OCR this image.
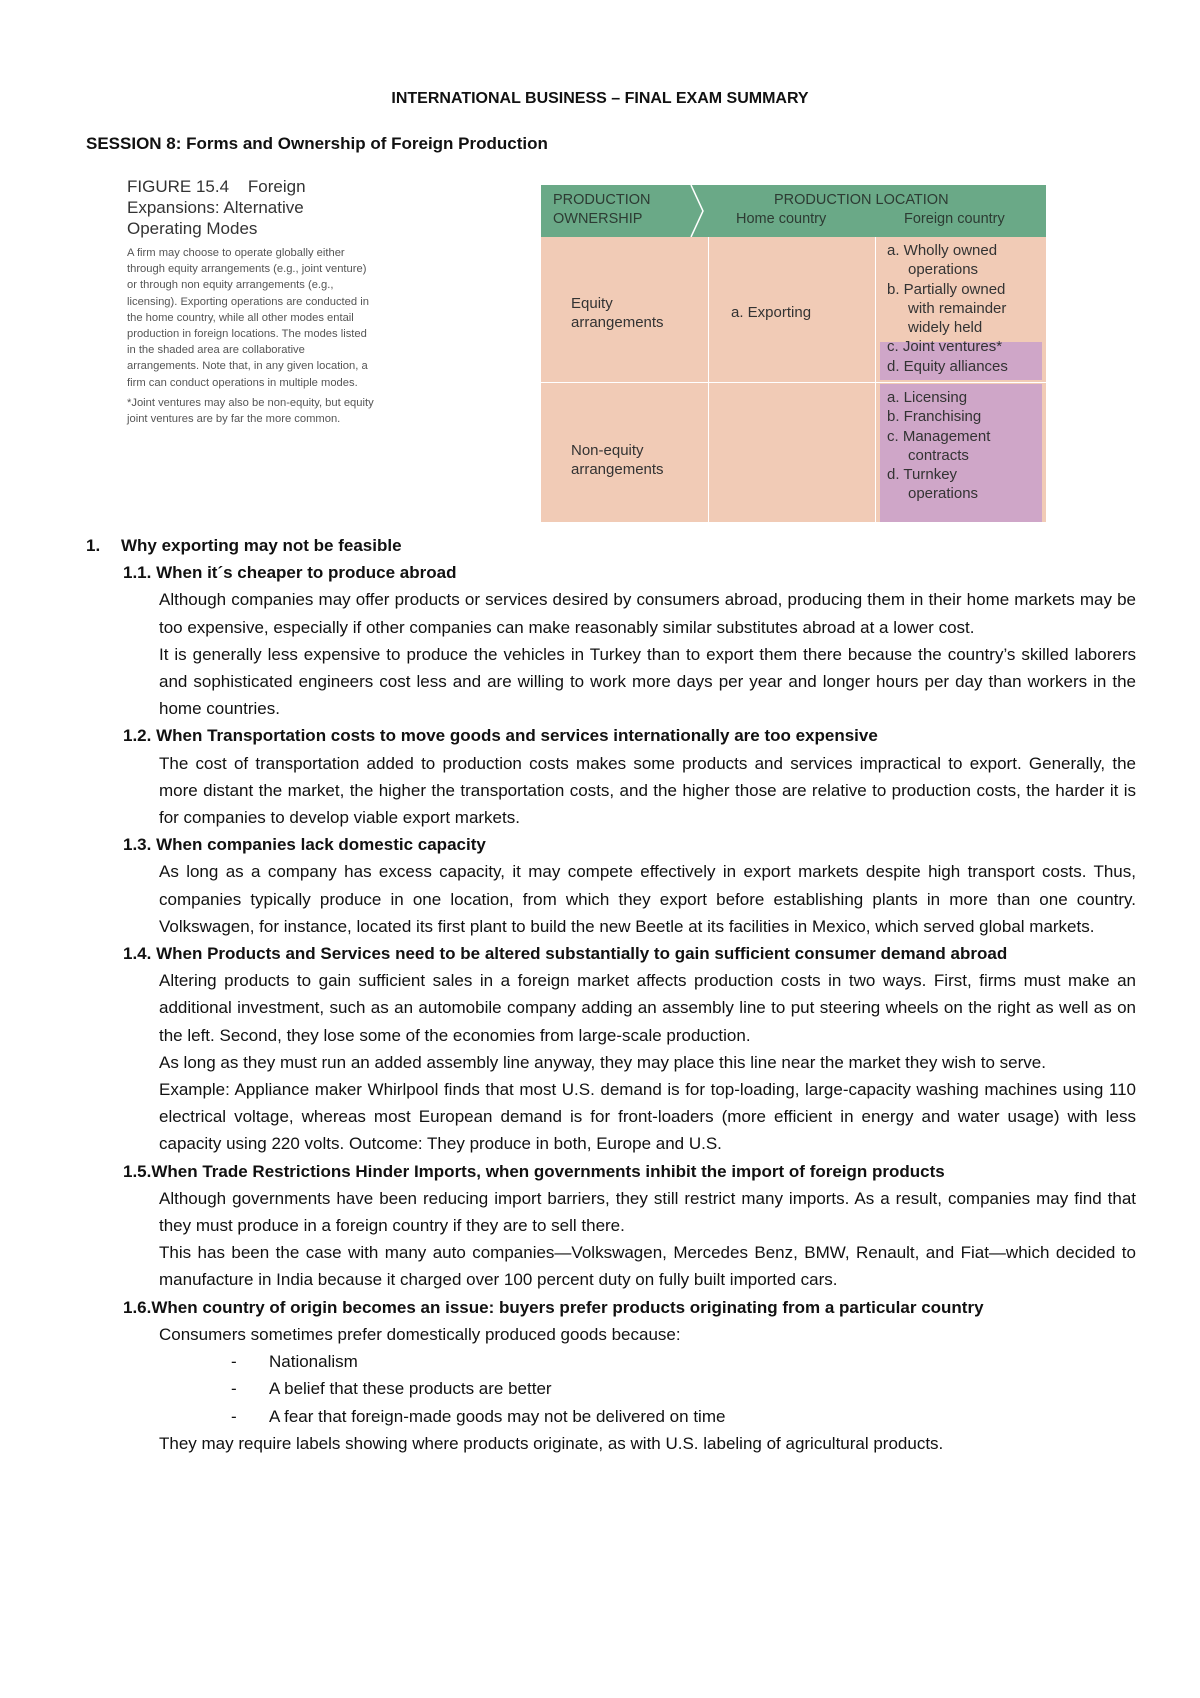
INTERNATIONAL BUSINESS – FINAL EXAM SUMMARY
SESSION 8: Forms and Ownership of Foreign Production
FIGURE 15.4    Foreign
Expansions: Alternative
Operating Modes

A firm may choose to operate globally either through equity arrangements (e.g., joint venture) or through non equity arrangements (e.g., licensing). Exporting operations are conducted in the home country, while all other modes entail production in foreign locations. The modes listed in the shaded area are collaborative arrangements. Note that, in any given location, a firm can conduct operations in multiple modes.

*Joint ventures may also be non-equity, but equity joint ventures are by far the more common.

PRODUCTION
OWNERSHIP
PRODUCTION LOCATION
Home country	Foreign country
Equity
arrangements
Non-equity
arrangements
a. Exporting
a. Wholly owned
operations
b. Partially owned
with remainder
widely held
c. Joint ventures*
d. Equity alliances
a. Licensing
b. Franchising
c. Management
contracts
d. Turnkey
operations
1. Why exporting may not be feasible
1.1. When it´s cheaper to produce abroad
Although companies may offer products or services desired by consumers abroad, producing them in their home markets may be too expensive, especially if other companies can make reasonably similar substitutes abroad at a lower cost.
It is generally less expensive to produce the vehicles in Turkey than to export them there because the country’s skilled laborers and sophisticated engineers cost less and are willing to work more days per year and longer hours per day than workers in the home countries.
1.2. When Transportation costs to move goods and services internationally are too expensive
The cost of transportation added to production costs makes some products and services impractical to export. Generally, the more distant the market, the higher the transportation costs, and the higher those are relative to production costs, the harder it is for companies to develop viable export markets.
1.3. When companies lack domestic capacity
As long as a company has excess capacity, it may compete effectively in export markets despite high transport costs. Thus, companies typically produce in one location, from which they export before establishing plants in more than one country. Volkswagen, for instance, located its first plant to build the new Beetle at its facilities in Mexico, which served global markets.
1.4. When Products and Services need to be altered substantially to gain sufficient consumer demand abroad
Altering products to gain sufficient sales in a foreign market affects production costs in two ways. First, firms must make an additional investment, such as an automobile company adding an assembly line to put steering wheels on the right as well as on the left. Second, they lose some of the economies from large-scale production.
As long as they must run an added assembly line anyway, they may place this line near the market they wish to serve.
Example: Appliance maker Whirlpool finds that most U.S. demand is for top-loading, large-capacity washing machines using 110 electrical voltage, whereas most European demand is for front-loaders (more efficient in energy and water usage) with less capacity using 220 volts. Outcome: They produce in both, Europe and U.S.
1.5.When Trade Restrictions Hinder Imports, when governments inhibit the import of foreign products
Although governments have been reducing import barriers, they still restrict many imports. As a result, companies may find that they must produce in a foreign country if they are to sell there.
This has been the case with many auto companies—Volkswagen, Mercedes Benz, BMW, Renault, and Fiat—which decided to manufacture in India because it charged over 100 percent duty on fully built imported cars.
1.6.When country of origin becomes an issue: buyers prefer products originating from a particular country
Consumers sometimes prefer domestically produced goods because:
- Nationalism
- A belief that these products are better
- A fear that foreign-made goods may not be delivered on time
They may require labels showing where products originate, as with U.S. labeling of agricultural products.
